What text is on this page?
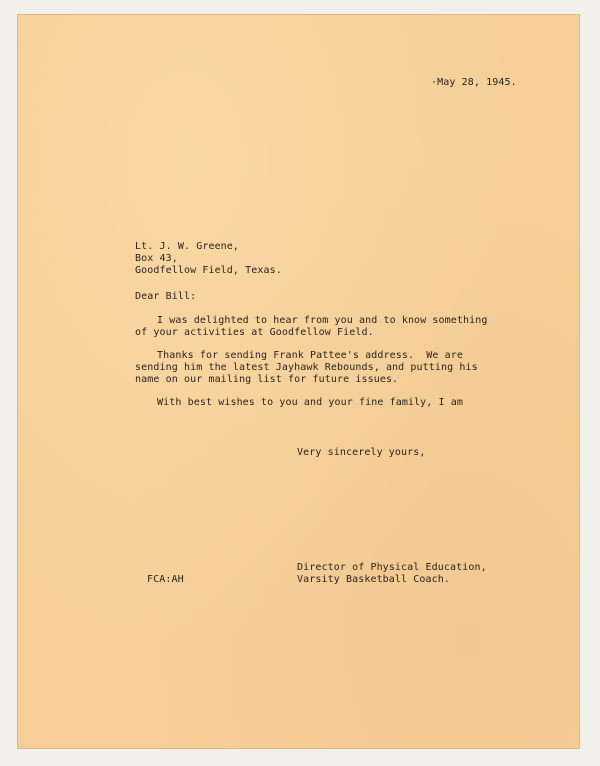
·May 28, 1945.
Lt. J. W. Greene,
Box 43,
Goodfellow Field, Texas.
Dear Bill:
I was delighted to hear from you and to know something
of your activities at Goodfellow Field.
Thanks for sending Frank Pattee's address.  We are
sending him the latest Jayhawk Rebounds, and putting his
name on our mailing list for future issues.
With best wishes to you and your fine family, I am
Very sincerely yours,
Director of Physical Education,
Varsity Basketball Coach.
FCA:AH
